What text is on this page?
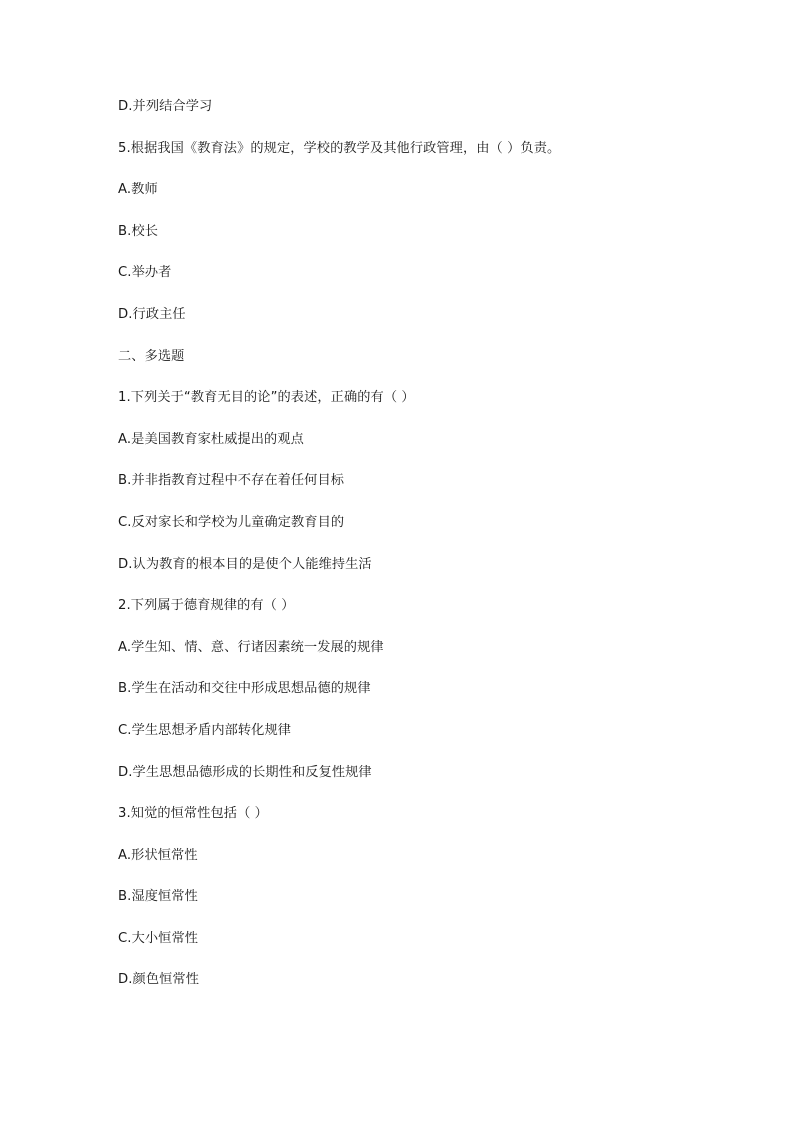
D.并列结合学习
5.根据我国《教育法》的规定，学校的教学及其他行政管理，由（ ）负责。
A.教师
B.校长
C.举办者
D.行政主任
二、多选题
1.下列关于“教育无目的论”的表述，正确的有（ ）
A.是美国教育家杜威提出的观点
B.并非指教育过程中不存在着任何目标
C.反对家长和学校为儿童确定教育目的
D.认为教育的根本目的是使个人能维持生活
2.下列属于德育规律的有（ ）
A.学生知、情、意、行诸因素统一发展的规律
B.学生在活动和交往中形成思想品德的规律
C.学生思想矛盾内部转化规律
D.学生思想品德形成的长期性和反复性规律
3.知觉的恒常性包括（ ）
A.形状恒常性
B.湿度恒常性
C.大小恒常性
D.颜色恒常性
